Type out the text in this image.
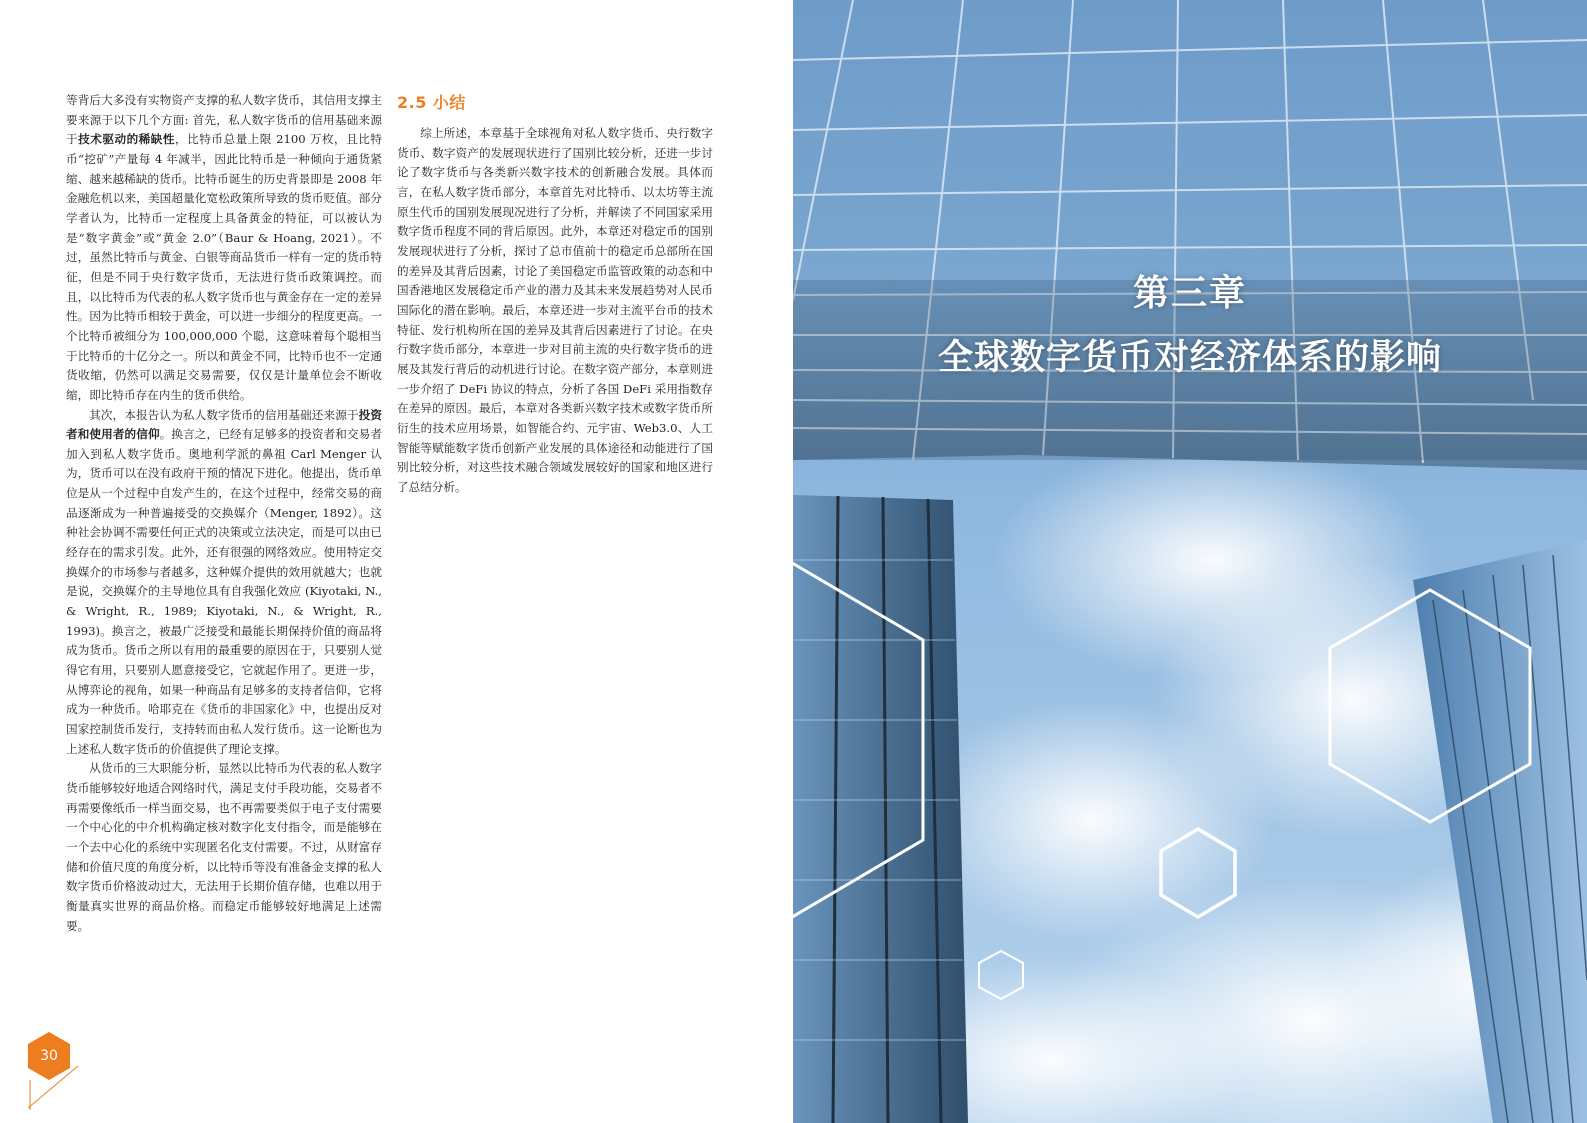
等背后大多没有实物资产支撑的私人数字货币，其信用支撑主要来源于以下几个方面: 首先，私人数字货币的信用基础来源于技术驱动的稀缺性，比特币总量上限 2100 万枚，且比特币“挖矿”产量每 4 年减半，因此比特币是一种倾向于通货紧缩、越来越稀缺的货币。比特币诞生的历史背景即是 2008 年金融危机以来，美国超量化宽松政策所导致的货币贬值。部分学者认为，比特币一定程度上具备黄金的特征，可以被认为是“数字黄金”或“黄金 2.0”（Baur & Hoang, 2021）。不过，虽然比特币与黄金、白银等商品货币一样有一定的货币特征，但是不同于央行数字货币，无法进行货币政策调控。而且，以比特币为代表的私人数字货币也与黄金存在一定的差异性。因为比特币相较于黄金，可以进一步细分的程度更高。一个比特币被细分为 100,000,000 个聪，这意味着每个聪相当于比特币的十亿分之一。所以和黄金不同，比特币也不一定通货收缩，仍然可以满足交易需要，仅仅是计量单位会不断收缩，即比特币存在内生的货币供给。

其次，本报告认为私人数字货币的信用基础还来源于投资者和使用者的信仰。换言之，已经有足够多的投资者和交易者加入到私人数字货币。奥地利学派的鼻祖 Carl Menger 认为，货币可以在没有政府干预的情况下进化。他提出，货币单位是从一个过程中自发产生的，在这个过程中，经常交易的商品逐渐成为一种普遍接受的交换媒介（Menger, 1892）。这种社会协调不需要任何正式的决策或立法决定，而是可以由已经存在的需求引发。此外，还有很强的网络效应。使用特定交换媒介的市场参与者越多，这种媒介提供的效用就越大；也就是说，交换媒介的主导地位具有自我强化效应 (Kiyotaki, N., & Wright, R., 1989; Kiyotaki, N., & Wright, R., 1993)。换言之，被最广泛接受和最能长期保持价值的商品将成为货币。货币之所以有用的最重要的原因在于，只要别人觉得它有用，只要别人愿意接受它，它就起作用了。更进一步，从博弈论的视角，如果一种商品有足够多的支持者信仰，它将成为一种货币。哈耶克在《货币的非国家化》中，也提出反对国家控制货币发行，支持转而由私人发行货币。这一论断也为上述私人数字货币的价值提供了理论支撑。

从货币的三大职能分析，显然以比特币为代表的私人数字货币能够较好地适合网络时代，满足支付手段功能，交易者不再需要像纸币一样当面交易，也不再需要类似于电子支付需要一个中心化的中介机构确定核对数字化支付指令，而是能够在一个去中心化的系统中实现匿名化支付需要。不过，从财富存储和价值尺度的角度分析，以比特币等没有准备金支撑的私人数字货币价格波动过大，无法用于长期价值存储，也难以用于衡量真实世界的商品价格。而稳定币能够较好地满足上述需要。

2.5 小结

综上所述，本章基于全球视角对私人数字货币、央行数字货币、数字资产的发展现状进行了国别比较分析，还进一步讨论了数字货币与各类新兴数字技术的创新融合发展。具体而言，在私人数字货币部分，本章首先对比特币、以太坊等主流原生代币的国别发展现况进行了分析，并解读了不同国家采用数字货币程度不同的背后原因。此外，本章还对稳定币的国别发展现状进行了分析，探讨了总市值前十的稳定币总部所在国的差异及其背后因素，讨论了美国稳定币监管政策的动态和中国香港地区发展稳定币产业的潜力及其未来发展趋势对人民币国际化的潜在影响。最后，本章还进一步对主流平台币的技术特征、发行机构所在国的差异及其背后因素进行了讨论。在央行数字货币部分，本章进一步对目前主流的央行数字货币的进展及其发行背后的动机进行讨论。在数字资产部分，本章则进一步介绍了 DeFi 协议的特点，分析了各国 DeFi 采用指数存在差异的原因。最后，本章对各类新兴数字技术或数字货币所衍生的技术应用场景，如智能合约、元宇宙、Web3.0、人工智能等赋能数字货币创新产业发展的具体途径和动能进行了国别比较分析，对这些技术融合领域发展较好的国家和地区进行了总结分析。

30
第三章
全球数字货币对经济体系的影响
